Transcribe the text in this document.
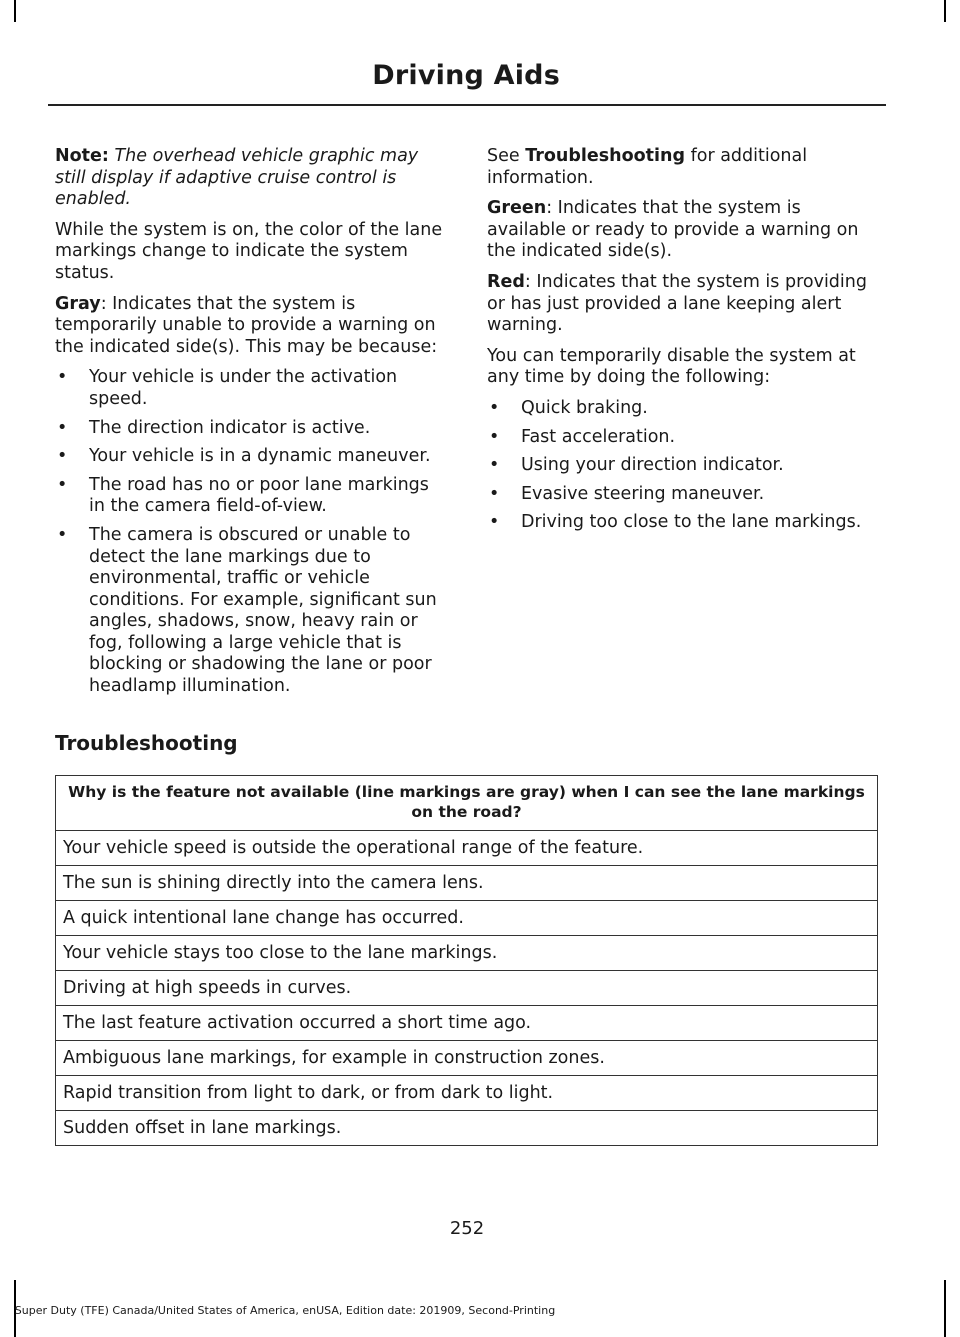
Driving Aids

Note: The overhead vehicle graphic may still display if adaptive cruise control is enabled.

While the system is on, the color of the lane markings change to indicate the system status.

Gray: Indicates that the system is temporarily unable to provide a warning on the indicated side(s). This may be because:

• Your vehicle is under the activation speed.
• The direction indicator is active.
• Your vehicle is in a dynamic maneuver.
• The road has no or poor lane markings in the camera field-of-view.
• The camera is obscured or unable to detect the lane markings due to environmental, traffic or vehicle conditions. For example, significant sun angles, shadows, snow, heavy rain or fog, following a large vehicle that is blocking or shadowing the lane or poor headlamp illumination.

See Troubleshooting for additional information.

Green: Indicates that the system is available or ready to provide a warning on the indicated side(s).

Red: Indicates that the system is providing or has just provided a lane keeping alert warning.

You can temporarily disable the system at any time by doing the following:

• Quick braking.
• Fast acceleration.
• Using your direction indicator.
• Evasive steering maneuver.
• Driving too close to the lane markings.
Troubleshooting
Why is the feature not available (line markings are gray) when I can see the lane markings on the road?
Your vehicle speed is outside the operational range of the feature.
The sun is shining directly into the camera lens.
A quick intentional lane change has occurred.
Your vehicle stays too close to the lane markings.
Driving at high speeds in curves.
The last feature activation occurred a short time ago.
Ambiguous lane markings, for example in construction zones.
Rapid transition from light to dark, or from dark to light.
Sudden offset in lane markings.
252
Super Duty (TFE) Canada/United States of America, enUSA, Edition date: 201909, Second-Printing
